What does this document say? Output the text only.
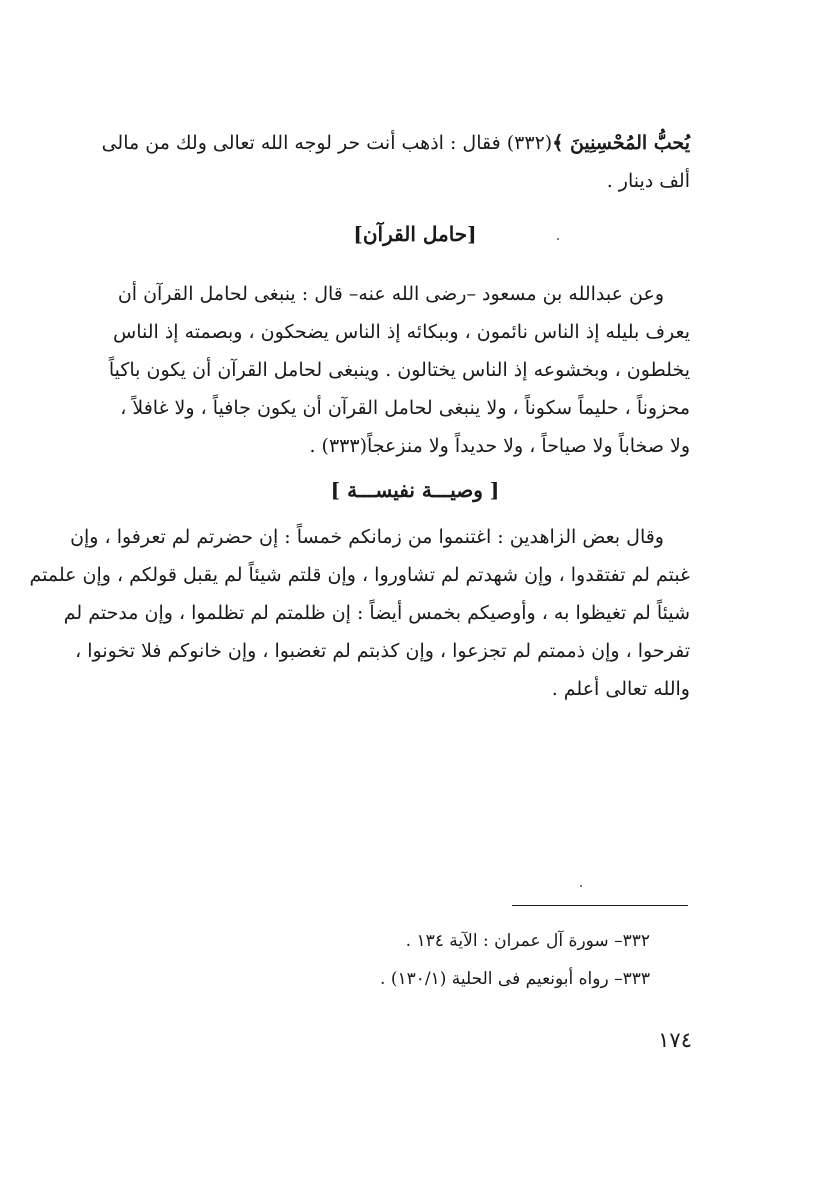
يُحبُّ المُحْسِنِينَ ﴾(٣٣٢) فقال : اذهب أنت حر لوجه الله تعالى ولك من مالى
ألف دينار .
[حامل القرآن]
وعن عبدالله بن مسعود –رضى الله عنه– قال : ينبغى لحامل القرآن أن
يعرف بليله إذ الناس نائمون ، وببكائه إذ الناس يضحكون ، وبصمته إذ الناس
يخلطون ، وبخشوعه إذ الناس يختالون . وينبغى لحامل القرآن أن يكون باكياً
محزوناً ، حليماً سكوناً ، ولا ينبغى لحامل القرآن أن يكون جافياً ، ولا غافلاً ،
ولا صخاباً ولا صياحاً ، ولا حديداً ولا منزعجاً(٣٣٣) .
[ وصيـــة نفيســـة ]
وقال بعض الزاهدين : اغتنموا من زمانكم خمساً : إن حضرتم لم تعرفوا ، وإن
غبتم لم تفتقدوا ، وإن شهدتم لم تشاوروا ، وإن قلتم شيئاً لم يقبل قولكم ، وإن علمتم
شيئاً لم تغيظوا به ، وأوصيكم بخمس أيضاً : إن ظلمتم لم تظلموا ، وإن مدحتم لم
تفرحوا ، وإن ذممتم لم تجزعوا ، وإن كذبتم لم تغضبوا ، وإن خانوكم فلا تخونوا ،
والله تعالى أعلم .
٣٣٢– سورة آل عمران : الآية ١٣٤ .
٣٣٣– رواه أبونعيم فى الحلية (١٣٠/١) .
١٧٤
